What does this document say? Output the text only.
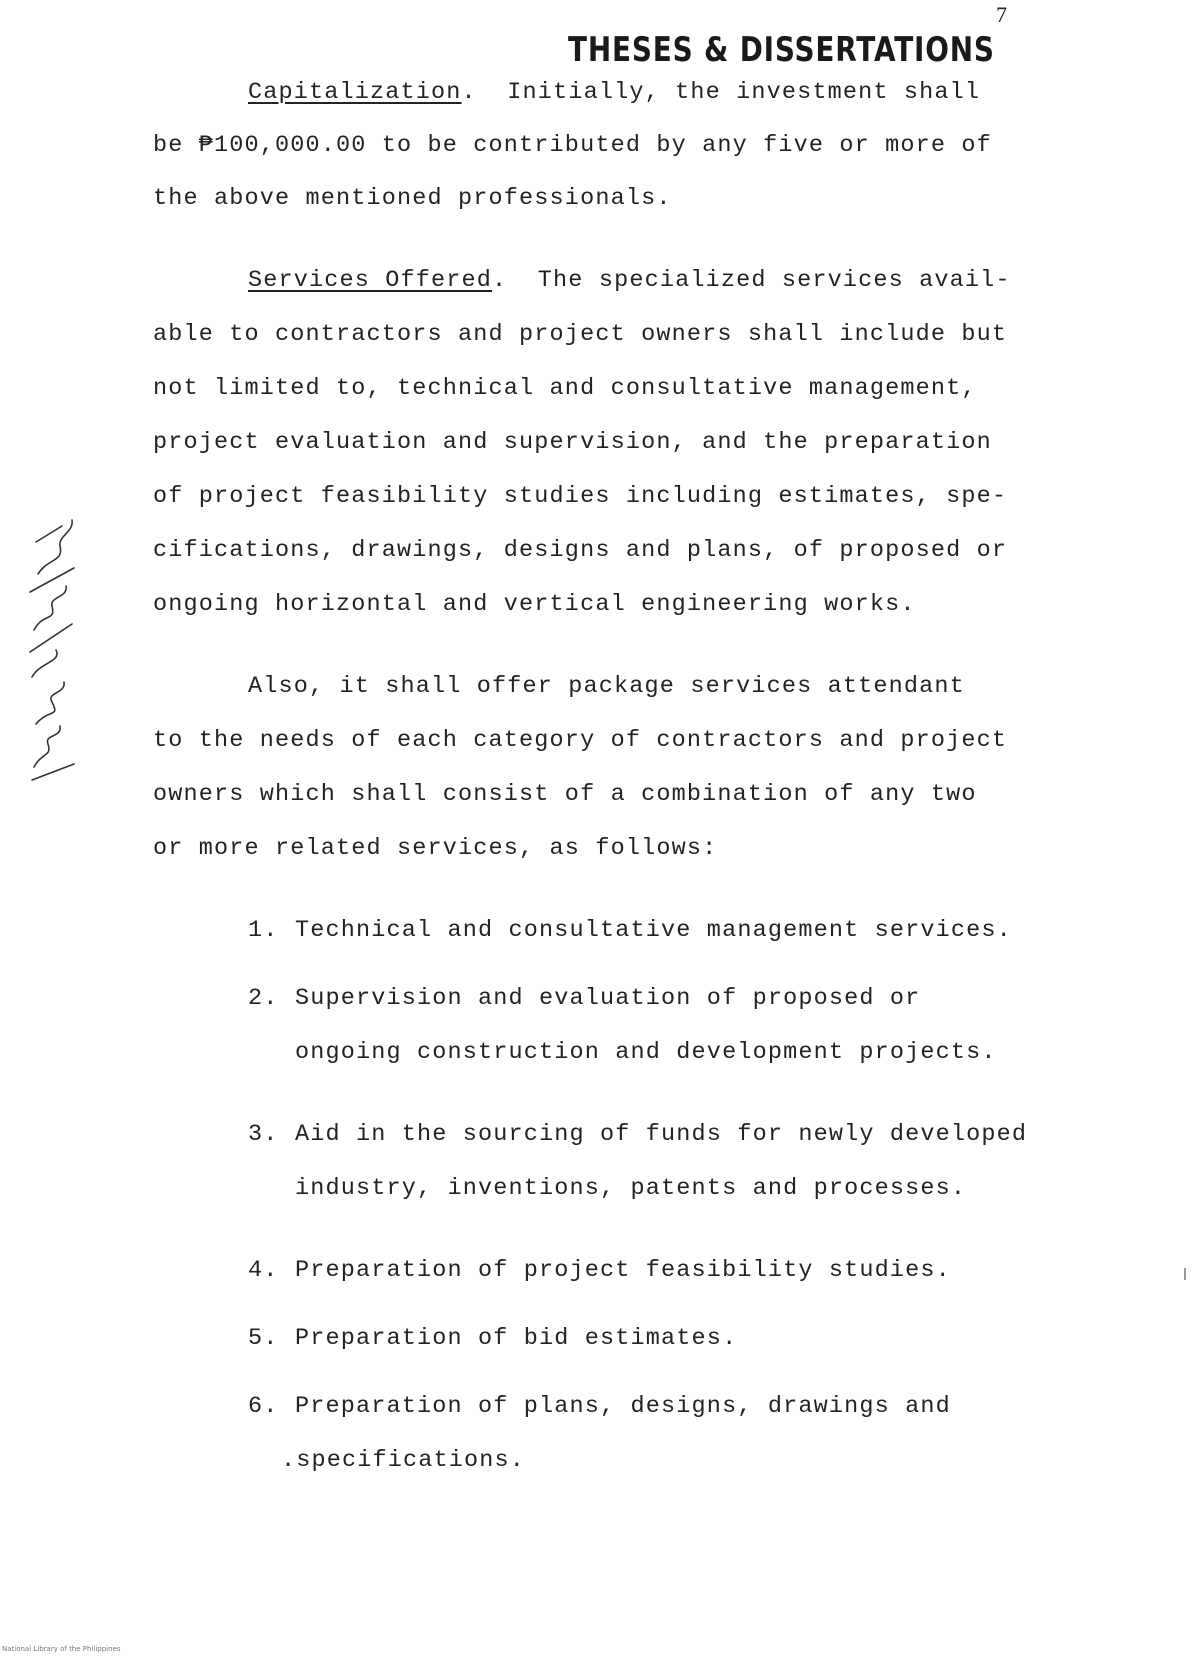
7
THESES & DISSERTATIONS
Capitalization.  Initially, the investment shall
be ₱100,000.00 to be contributed by any five or more of
the above mentioned professionals.
Services Offered.  The specialized services avail-
able to contractors and project owners shall include but
not limited to, technical and consultative management,
project evaluation and supervision, and the preparation
of project feasibility studies including estimates, spe-
cifications, drawings, designs and plans, of proposed or
ongoing horizontal and vertical engineering works.
Also, it shall offer package services attendant
to the needs of each category of contractors and project
owners which shall consist of a combination of any two
or more related services, as follows:
1. Technical and consultative management services.
2. Supervision and evaluation of proposed or
ongoing construction and development projects.
3. Aid in the sourcing of funds for newly developed
industry, inventions, patents and processes.
4. Preparation of project feasibility studies.
5. Preparation of bid estimates.
6. Preparation of plans, designs, drawings and
.specifications.
National Library of the Philippines
